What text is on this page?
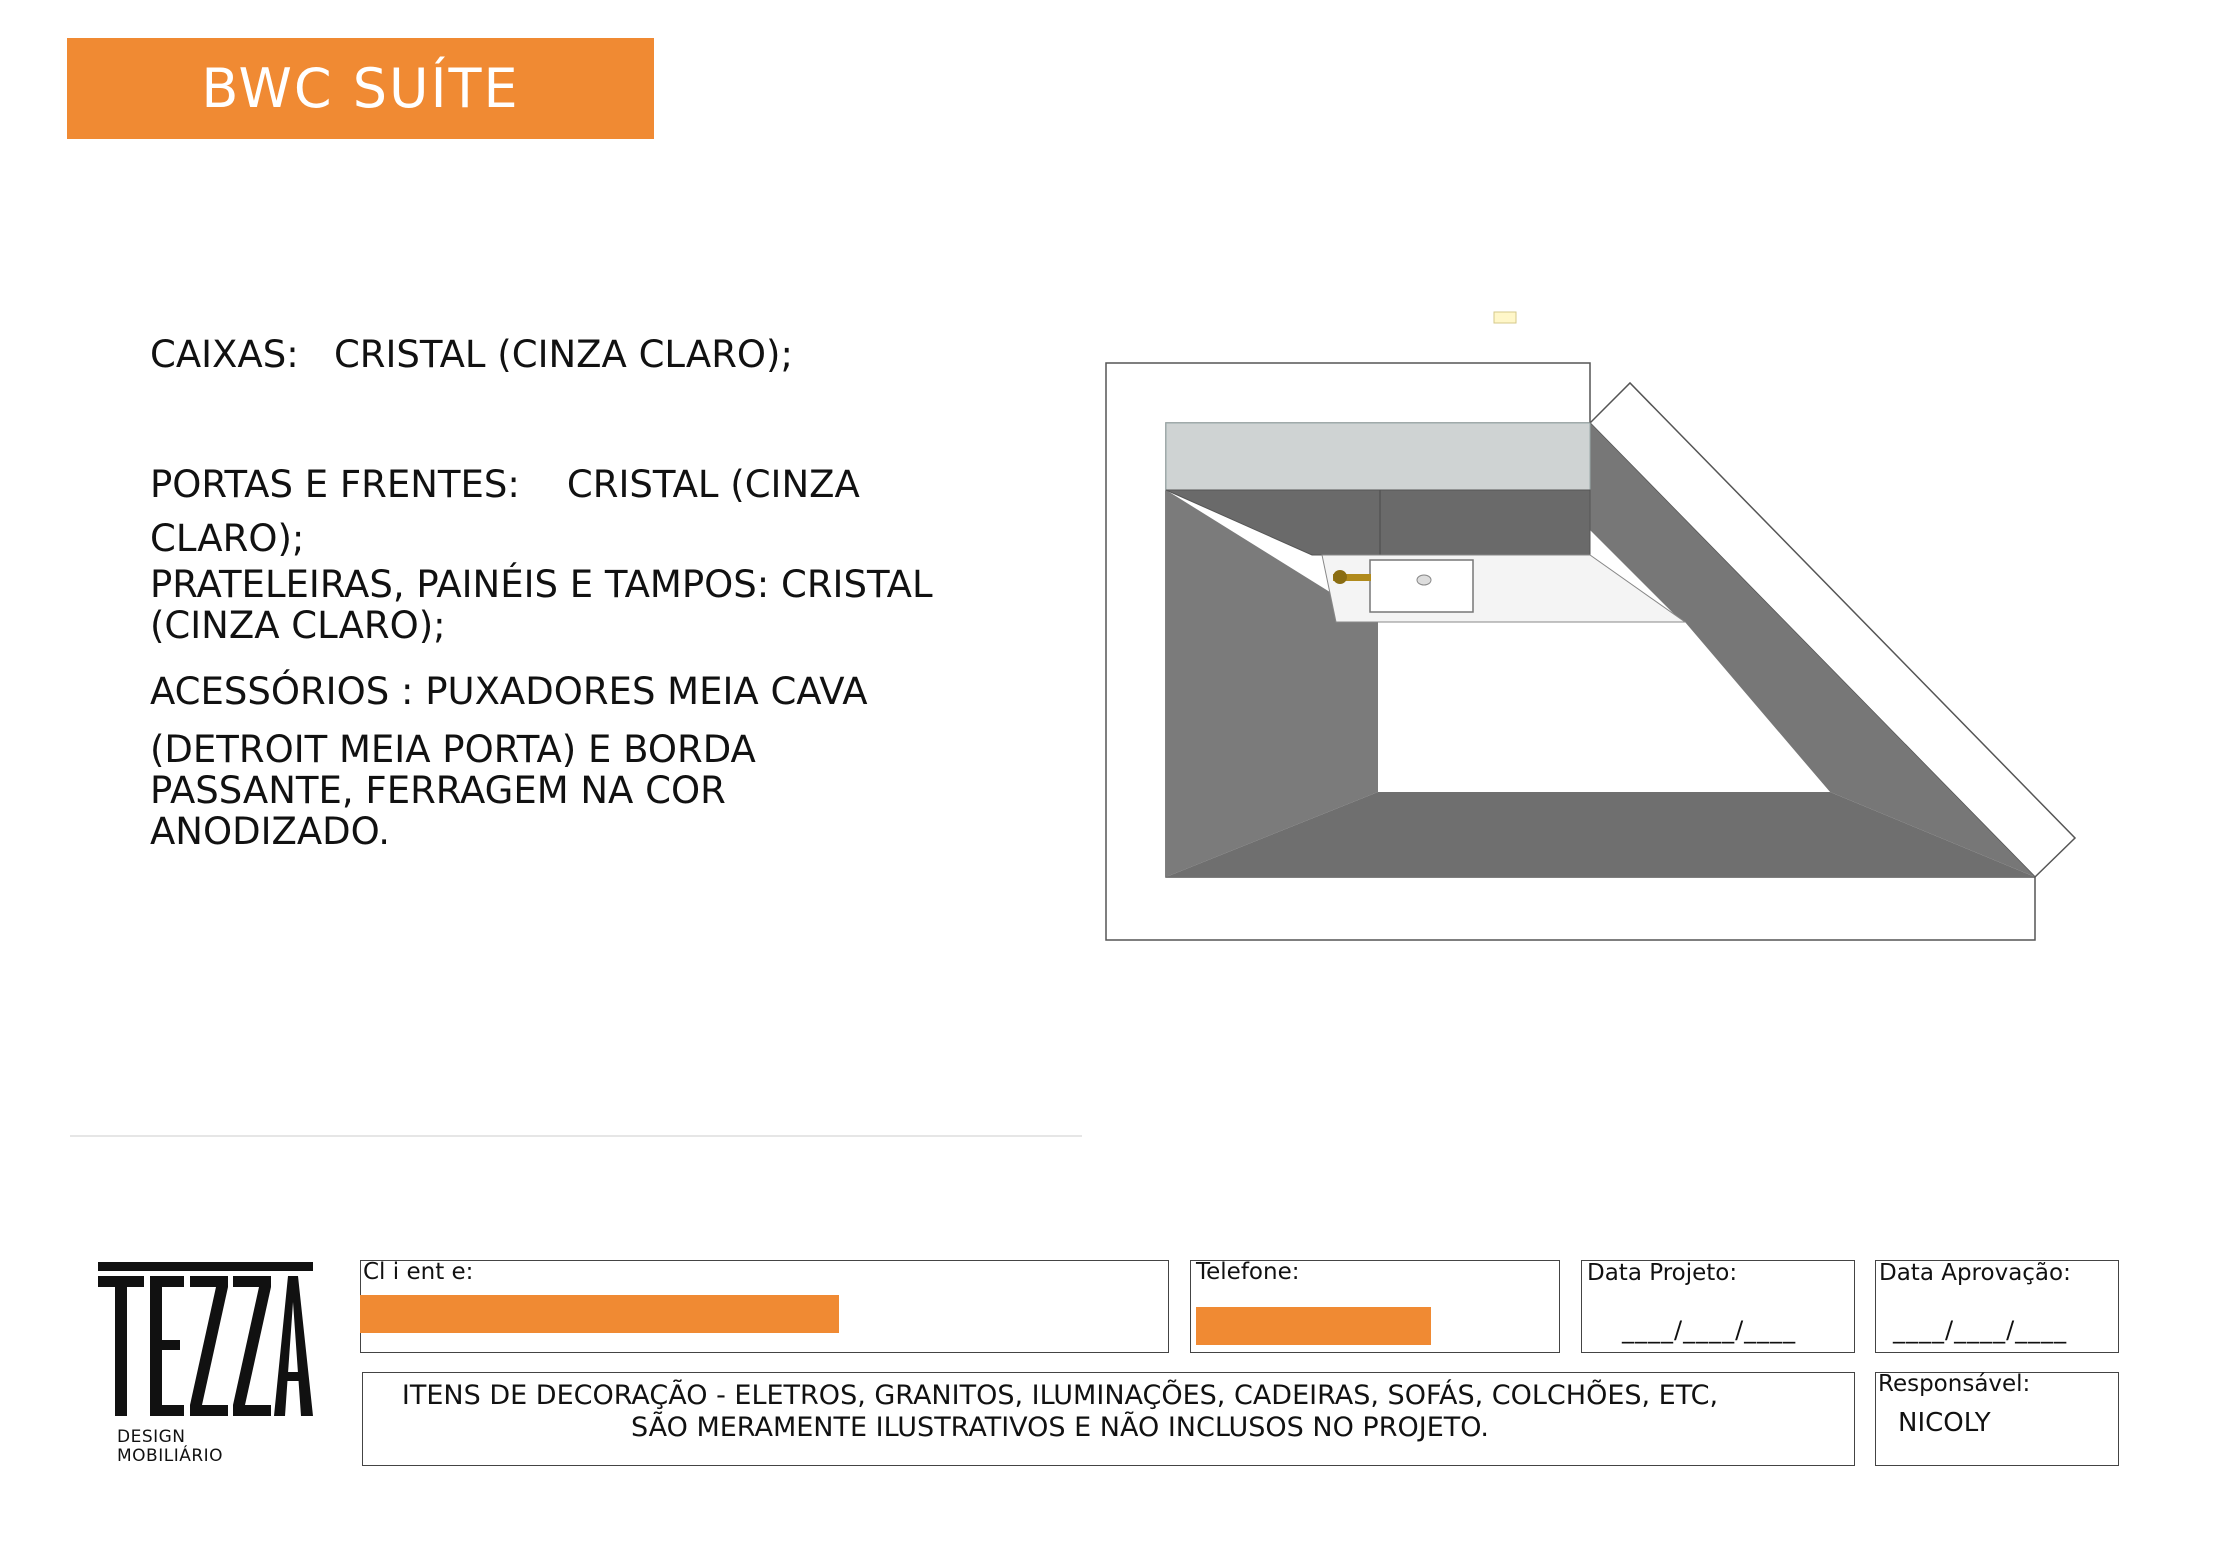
BWC SUÍTE
CAIXAS:   CRISTAL (CINZA CLARO);
PORTAS E FRENTES:    CRISTAL (CINZA
CLARO);
PRATELEIRAS, PAINÉIS E TAMPOS: CRISTAL
(CINZA CLARO);
ACESSÓRIOS : PUXADORES MEIA CAVA
(DETROIT MEIA PORTA) E BORDA
PASSANTE, FERRAGEM NA COR
ANODIZADO.
DESIGN
MOBILIÁRIO
Cl i ent e:	Telefone:	Data Projeto:
____/____/____
Data Aprovação:
____/____/____
ITENS DE DECORAÇÃO - ELETROS, GRANITOS, ILUMINAÇÕES, CADEIRAS, SOFÁS, COLCHÕES, ETC,
SÃO MERAMENTE ILUSTRATIVOS E NÃO INCLUSOS NO PROJETO.
Responsável:
NICOLY
